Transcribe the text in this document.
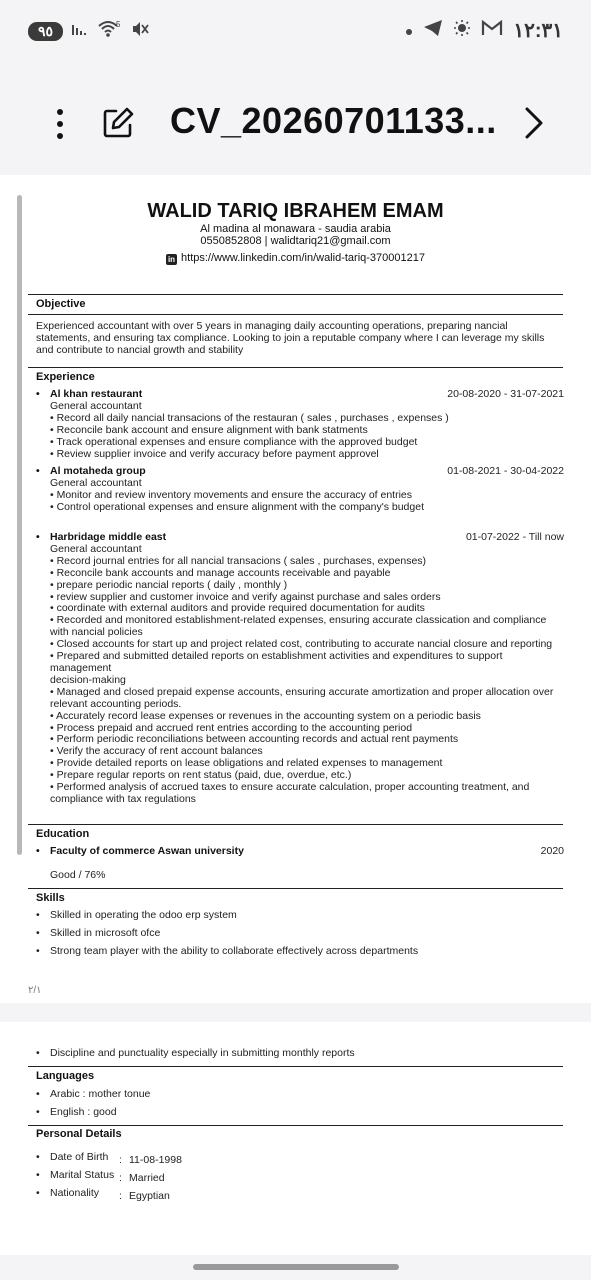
٩٥	5	١٢:٣١
CV_20260701133...
WALID TARIQ IBRAHEM EMAM
Al madina al monawara - saudia arabia
0550852808 | walidtariq21@gmail.com
in https://www.linkedin.com/in/walid-tariq-370001217
Objective
Experienced accountant with over 5 years in managing daily accounting operations, preparing nancial statements, and ensuring tax compliance. Looking to join a reputable company where I can leverage my skills and contribute to nancial growth and stability
Experience
• Al khan restaurant	20-08-2020 - 31-07-2021
General accountant
• Record all daily nancial transacions of the restauran ( sales , purchases , expenses )
• Reconcile bank account and ensure alignment with bank statments
• Track operational expenses and ensure compliance with the approved budget
• Review supplier invoice and verify accuracy before payment approvel
• Al motaheda group	01-08-2021 - 30-04-2022
General accountant
• Monitor and review inventory movements and ensure the accuracy of entries
• Control operational expenses and ensure alignment with the company's budget
• Harbridage middle east	01-07-2022 - Till now
General accountant
• Record journal entries for all nancial transacions ( sales , purchases, expenses)
• Reconcile bank accounts and manage accounts receivable and payable
• prepare periodic nancial reports ( daily , monthly )
• review supplier and customer invoice and verify against purchase and sales orders
• coordinate with external auditors and provide required documentation for audits
• Recorded and monitored establishment-related expenses, ensuring accurate classication and compliance with nancial policies
• Closed accounts for start up and project related cost, contributing to accurate nancial closure and reporting
• Prepared and submitted detailed reports on establishment activities and expenditures to support management
decision-making
• Managed and closed prepaid expense accounts, ensuring accurate amortization and proper allocation over relevant accounting periods.
• Accurately record lease expenses or revenues in the accounting system on a periodic basis
• Process prepaid and accrued rent entries according to the accounting period
• Perform periodic reconciliations between accounting records and actual rent payments
• Verify the accuracy of rent account balances
• Provide detailed reports on lease obligations and related expenses to management
• Prepare regular reports on rent status (paid, due, overdue, etc.)
• Performed analysis of accrued taxes to ensure accurate calculation, proper accounting treatment, and compliance with tax regulations
Education
• Faculty of commerce Aswan university	2020
Good / 76%
Skills
• Skilled in operating the odoo erp system
• Skilled in microsoft ofce
• Strong team player with the ability to collaborate effectively across departments
٢/١
• Discipline and punctuality especially in submitting monthly reports
Languages
• Arabic : mother tonue
• English : good
Personal Details
• Date of Birth : 11-08-1998
• Marital Status : Married
• Nationality : Egyptian
